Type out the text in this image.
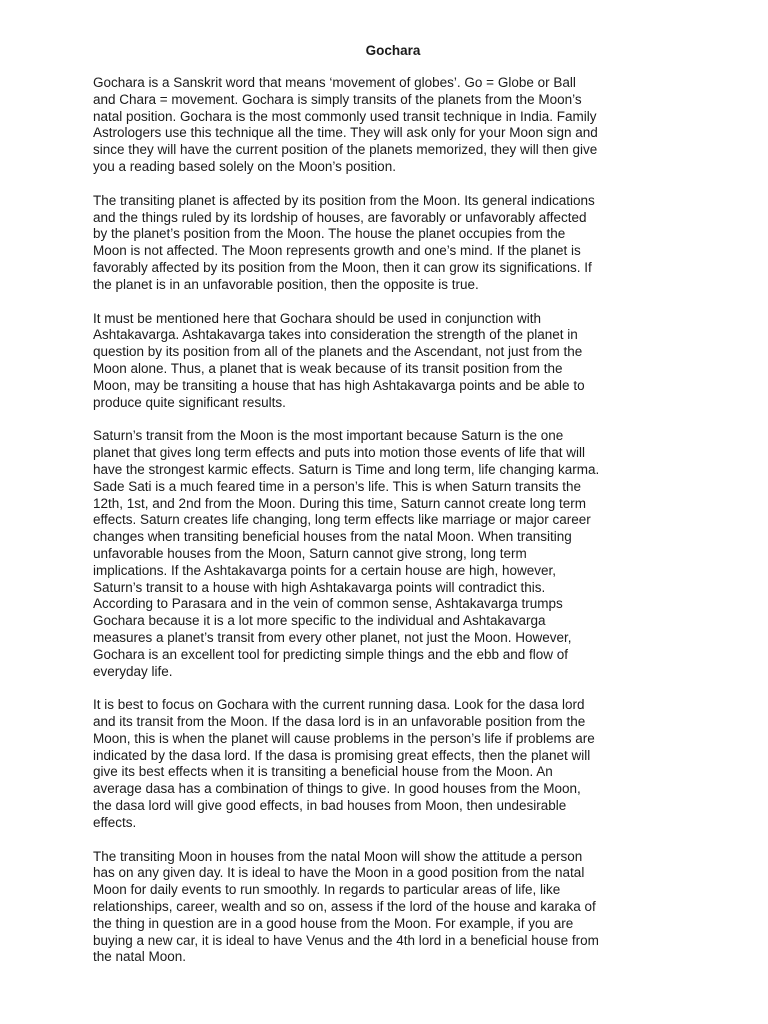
Gochara
Gochara is a Sanskrit word that means ‘movement of globes’. Go = Globe or Ball
and Chara = movement. Gochara is simply transits of the planets from the Moon’s
natal position. Gochara is the most commonly used transit technique in India. Family
Astrologers use this technique all the time. They will ask only for your Moon sign and
since they will have the current position of the planets memorized, they will then give
you a reading based solely on the Moon’s position.
The transiting planet is affected by its position from the Moon. Its general indications
and the things ruled by its lordship of houses, are favorably or unfavorably affected
by the planet’s position from the Moon. The house the planet occupies from the
Moon is not affected. The Moon represents growth and one’s mind. If the planet is
favorably affected by its position from the Moon, then it can grow its significations. If
the planet is in an unfavorable position, then the opposite is true.
It must be mentioned here that Gochara should be used in conjunction with
Ashtakavarga. Ashtakavarga takes into consideration the strength of the planet in
question by its position from all of the planets and the Ascendant, not just from the
Moon alone. Thus, a planet that is weak because of its transit position from the
Moon, may be transiting a house that has high Ashtakavarga points and be able to
produce quite significant results.
Saturn’s transit from the Moon is the most important because Saturn is the one
planet that gives long term effects and puts into motion those events of life that will
have the strongest karmic effects. Saturn is Time and long term, life changing karma.
Sade Sati is a much feared time in a person’s life. This is when Saturn transits the
12th, 1st, and 2nd from the Moon. During this time, Saturn cannot create long term
effects. Saturn creates life changing, long term effects like marriage or major career
changes when transiting beneficial houses from the natal Moon. When transiting
unfavorable houses from the Moon, Saturn cannot give strong, long term
implications. If the Ashtakavarga points for a certain house are high, however,
Saturn’s transit to a house with high Ashtakavarga points will contradict this.
According to Parasara and in the vein of common sense, Ashtakavarga trumps
Gochara because it is a lot more specific to the individual and Ashtakavarga
measures a planet’s transit from every other planet, not just the Moon. However,
Gochara is an excellent tool for predicting simple things and the ebb and flow of
everyday life.
It is best to focus on Gochara with the current running dasa. Look for the dasa lord
and its transit from the Moon. If the dasa lord is in an unfavorable position from the
Moon, this is when the planet will cause problems in the person’s life if problems are
indicated by the dasa lord. If the dasa is promising great effects, then the planet will
give its best effects when it is transiting a beneficial house from the Moon. An
average dasa has a combination of things to give. In good houses from the Moon,
the dasa lord will give good effects, in bad houses from Moon, then undesirable
effects.
The transiting Moon in houses from the natal Moon will show the attitude a person
has on any given day. It is ideal to have the Moon in a good position from the natal
Moon for daily events to run smoothly. In regards to particular areas of life, like
relationships, career, wealth and so on, assess if the lord of the house and karaka of
the thing in question are in a good house from the Moon. For example, if you are
buying a new car, it is ideal to have Venus and the 4th lord in a beneficial house from
the natal Moon.
